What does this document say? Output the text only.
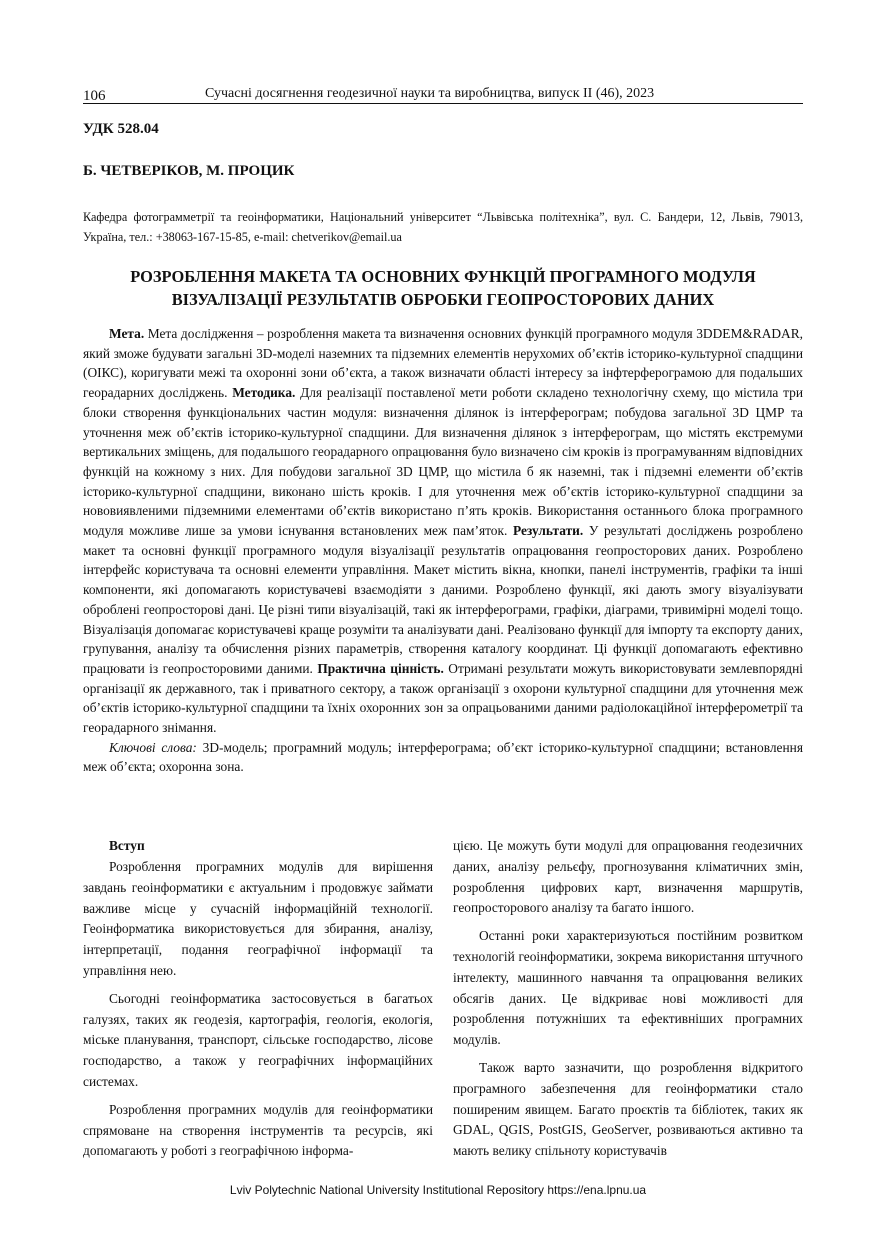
106	Сучасні досягнення геодезичної науки та виробництва, випуск II (46), 2023
УДК 528.04
Б. ЧЕТВЕРІКОВ, М. ПРОЦИК
Кафедра фотограмметрії та геоінформатики, Національний університет “Львівська політехніка”, вул. С. Бандери, 12, Львів, 79013, Україна, тел.: +38063-167-15-85, e-mail: chetverikov@email.ua
РОЗРОБЛЕННЯ МАКЕТА ТА ОСНОВНИХ ФУНКЦІЙ ПРОГРАМНОГО МОДУЛЯ
ВІЗУАЛІЗАЦІЇ РЕЗУЛЬТАТІВ ОБРОБКИ ГЕОПРОСТОРОВИХ ДАНИХ

Мета. Мета дослідження – розроблення макета та визначення основних функцій програмного модуля 3DDEM&RADAR, який зможе будувати загальні 3D-моделі наземних та підземних елементів нерухомих об’єктів історико-культурної спадщини (ОІКС), коригувати межі та охоронні зони об’єкта, а також визначати області інтересу за інфтерферограмою для подальших георадарних досліджень. Методика. Для реалізації поставленої мети роботи складено технологічну схему, що містила три блоки створення функціональних частин модуля: визначення ділянок із інтерферограм; побудова загальної 3D ЦМР та уточнення меж об’єктів історико-культурної спадщини. Для визначення ділянок з інтерферограм, що містять екстремуми вертикальних зміщень, для подальшого георадарного опрацювання було визначено сім кроків із програмуванням відповідних функцій на кожному з них. Для побудови загальної 3D ЦМР, що містила б як наземні, так і підземні елементи об’єктів історико-культурної спадщини, виконано шість кроків. І для уточнення меж об’єктів історико-культурної спадщини за нововиявленими підземними елементами об’єктів використано п’ять кроків. Використання останнього блока програмного модуля можливе лише за умови існування встановлених меж пам’яток. Результати. У результаті досліджень розроблено макет та основні функції програмного модуля візуалізації результатів опрацювання геопросторових даних. Розроблено інтерфейс користувача та основні елементи управління. Макет містить вікна, кнопки, панелі інструментів, графіки та інші компоненти, які допомагають користувачеві взаємодіяти з даними. Розроблено функції, які дають змогу візуалізувати оброблені геопросторові дані. Це різні типи візуалізацій, такі як інтерферограми, графіки, діаграми, тривимірні моделі тощо. Візуалізація допомагає користувачеві краще розуміти та аналізувати дані. Реалізовано функції для імпорту та експорту даних, групування, аналізу та обчислення різних параметрів, створення каталогу координат. Ці функції допомагають ефективно працювати із геопросторовими даними. Практична цінність. Отримані результати можуть використовувати землевпорядні організації як державного, так і приватного сектору, а також організації з охорони культурної спадщини для уточнення меж об’єктів історико-культурної спадщини та їхніх охоронних зон за опрацьованими даними радіолокаційної інтерферометрії та георадарного знімання.

Ключові слова: 3D-модель; програмний модуль; інтерферограма; об’єкт історико-культурної спадщини; встановлення меж об’єкта; охоронна зона.

Вступ

Розроблення програмних модулів для вирішення завдань геоінформатики є актуальним і продовжує займати важливе місце у сучасній інформаційній технології. Геоінформатика використовується для збирання, аналізу, інтерпретації, подання географічної інформації та управління нею.

Сьогодні геоінформатика застосовується в багатьох галузях, таких як геодезія, картографія, геологія, екологія, міське планування, транспорт, сільське господарство, лісове господарство, а також у географічних інформаційних системах.

Розроблення програмних модулів для геоінформатики спрямоване на створення інструментів та ресурсів, які допомагають у роботі з географічною інформа-

цією. Це можуть бути модулі для опрацювання геодезичних даних, аналізу рельєфу, прогнозування кліматичних змін, розроблення цифрових карт, визначення маршрутів, геопросторового аналізу та багато іншого.

Останні роки характеризуються постійним розвитком технологій геоінформатики, зокрема використання штучного інтелекту, машинного навчання та опрацювання великих обсягів даних. Це відкриває нові можливості для розроблення потужніших та ефективніших програмних модулів.

Також варто зазначити, що розроблення відкритого програмного забезпечення для геоінформатики стало поширеним явищем. Багато проєктів та бібліотек, таких як GDAL, QGIS, PostGIS, GeoServer, розвиваються активно та мають велику спільноту користувачів

Lviv Polytechnic National University Institutional Repository https://ena.lpnu.ua
